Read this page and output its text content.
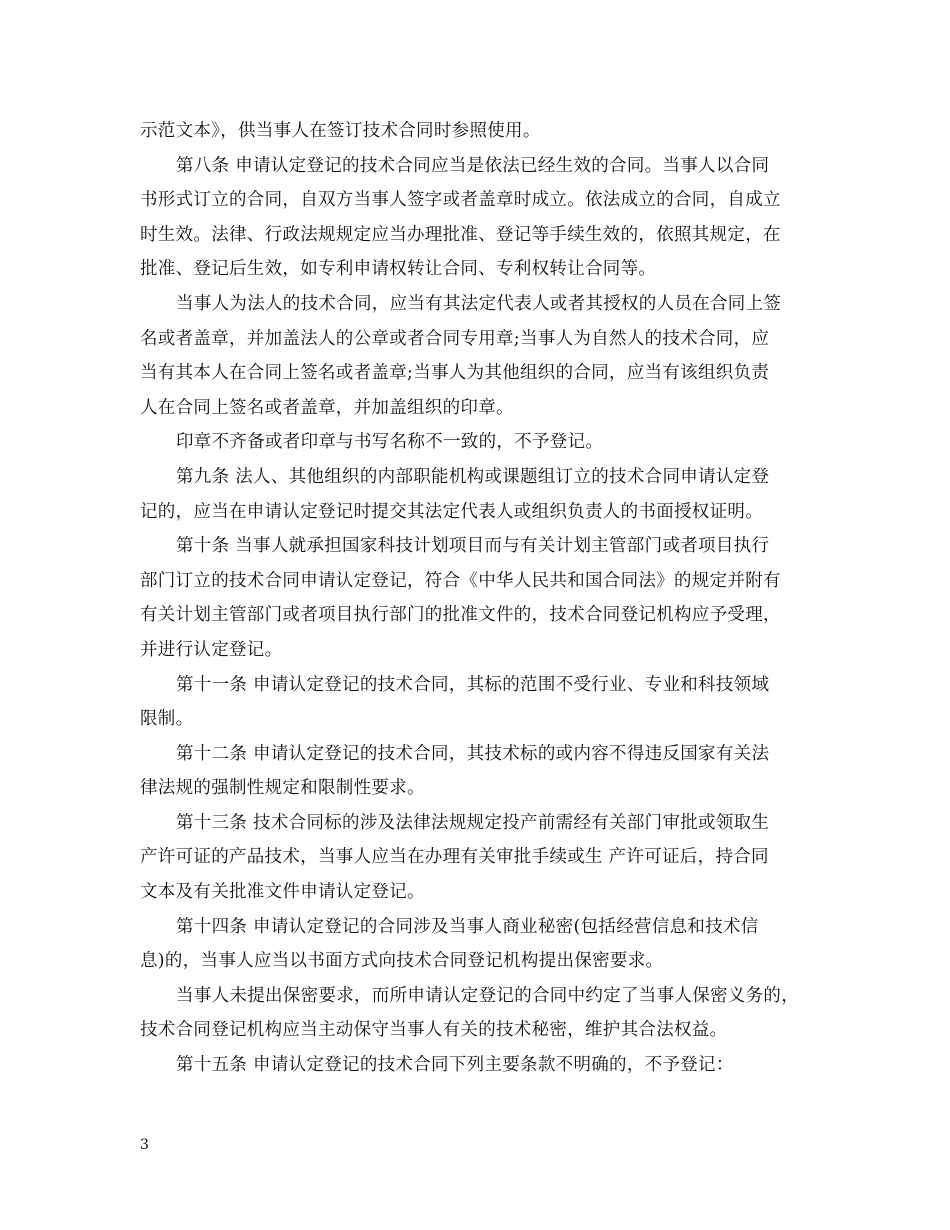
示范文本》，供当事人在签订技术合同时参照使用。
第八条 申请认定登记的技术合同应当是依法已经生效的合同。当事人以合同
书形式订立的合同，自双方当事人签字或者盖章时成立。依法成立的合同，自成立
时生效。法律、行政法规规定应当办理批准、登记等手续生效的，依照其规定，在
批准、登记后生效，如专利申请权转让合同、专利权转让合同等。
当事人为法人的技术合同，应当有其法定代表人或者其授权的人员在合同上签
名或者盖章，并加盖法人的公章或者合同专用章;当事人为自然人的技术合同，应
当有其本人在合同上签名或者盖章;当事人为其他组织的合同，应当有该组织负责
人在合同上签名或者盖章，并加盖组织的印章。
印章不齐备或者印章与书写名称不一致的，不予登记。
第九条 法人、其他组织的内部职能机构或课题组订立的技术合同申请认定登
记的，应当在申请认定登记时提交其法定代表人或组织负责人的书面授权证明。
第十条 当事人就承担国家科技计划项目而与有关计划主管部门或者项目执行
部门订立的技术合同申请认定登记，符合《中华人民共和国合同法》的规定并附有
有关计划主管部门或者项目执行部门的批准文件的，技术合同登记机构应予受理，
并进行认定登记。
第十一条 申请认定登记的技术合同，其标的范围不受行业、专业和科技领域
限制。
第十二条 申请认定登记的技术合同，其技术标的或内容不得违反国家有关法
律法规的强制性规定和限制性要求。
第十三条 技术合同标的涉及法律法规规定投产前需经有关部门审批或领取生
产许可证的产品技术，当事人应当在办理有关审批手续或生 产许可证后，持合同
文本及有关批准文件申请认定登记。
第十四条 申请认定登记的合同涉及当事人商业秘密(包括经营信息和技术信
息)的，当事人应当以书面方式向技术合同登记机构提出保密要求。
当事人未提出保密要求，而所申请认定登记的合同中约定了当事人保密义务的，
技术合同登记机构应当主动保守当事人有关的技术秘密，维护其合法权益。
第十五条 申请认定登记的技术合同下列主要条款不明确的，不予登记：
3
